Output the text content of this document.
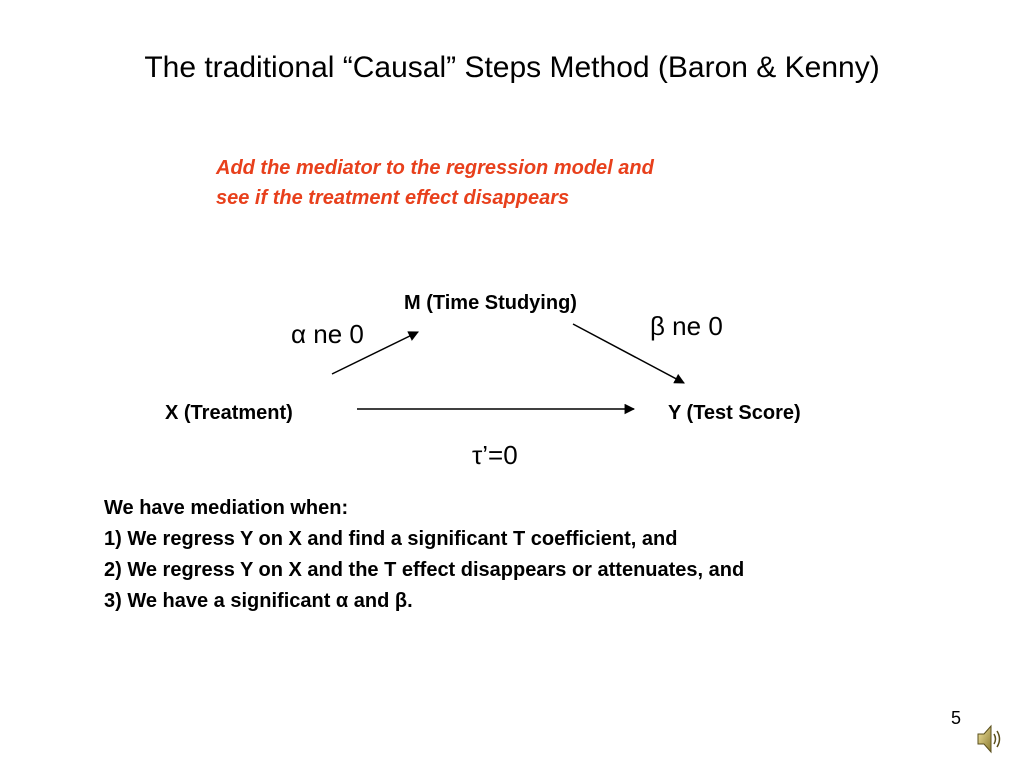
The traditional “Causal” Steps Method (Baron & Kenny)
Add the mediator to the regression model and
see if the treatment effect disappears
M (Time Studying)
X (Treatment)	Y (Test Score)
α ne 0	β ne 0
τ’=0
We have mediation when:
1) We regress Y on X and find a significant T coefficient, and
2) We regress Y on X and the T effect disappears or attenuates, and
3) We have a significant α and β.
5
